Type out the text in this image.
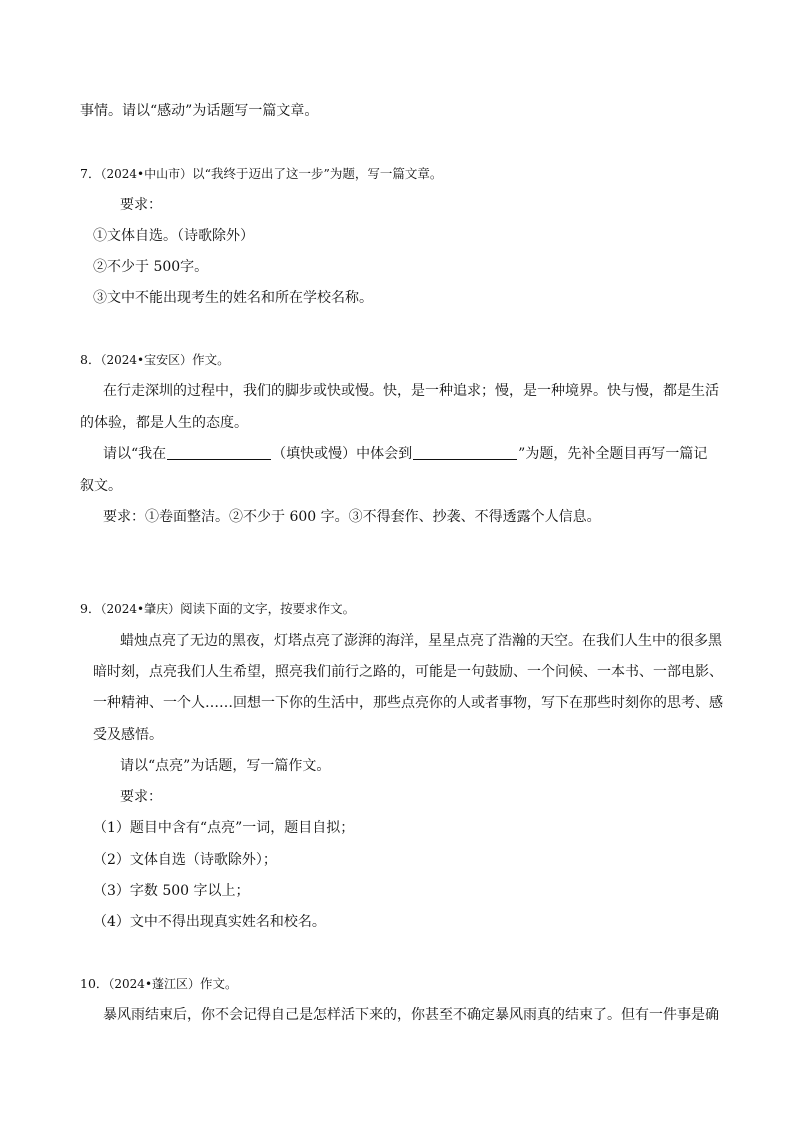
事情。请以“感动”为话题写一篇文章。
7．（2024•中山市）以“我终于迈出了这一步”为题，写一篇文章。
要求：
①文体自选。（诗歌除外）
②不少于 500字。
③文中不能出现考生的姓名和所在学校名称。
8．（2024•宝安区）作文。
在行走深圳的过程中，我们的脚步或快或慢。快，是一种追求；慢，是一种境界。快与慢，都是生活
的体验，都是人生的态度。
请以“我在	（填快或慢）中体会到	”为题，先补全题目再写一篇记
叙文。
要求：①卷面整洁。②不少于 600 字。③不得套作、抄袭、不得透露个人信息。
9．（2024•肇庆）阅读下面的文字，按要求作文。
蜡烛点亮了无边的黑夜，灯塔点亮了澎湃的海洋，星星点亮了浩瀚的天空。在我们人生中的很多黑
暗时刻，点亮我们人生希望，照亮我们前行之路的，可能是一句鼓励、一个问候、一本书、一部电影、
一种精神、一个人……回想一下你的生活中，那些点亮你的人或者事物，写下在那些时刻你的思考、感
受及感悟。
请以“点亮”为话题，写一篇作文。
要求：
（1）题目中含有“点亮”一词，题目自拟；
（2）文体自选（诗歌除外）；
（3）字数 500 字以上；
（4）文中不得出现真实姓名和校名。
10．（2024•蓬江区）作文。
暴风雨结束后，你不会记得自己是怎样活下来的，你甚至不确定暴风雨真的结束了。但有一件事是确
